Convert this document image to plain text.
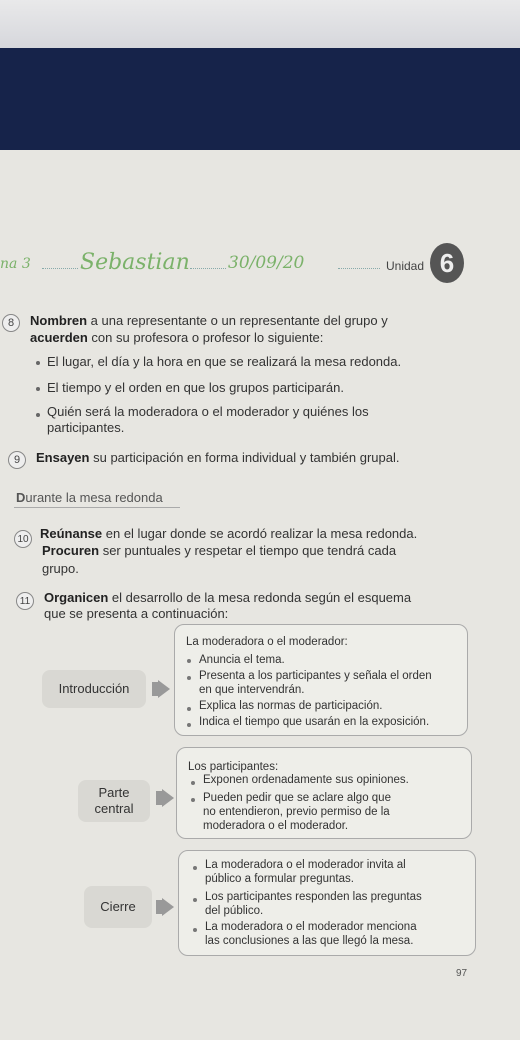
na 3 Sebastian 30/09/20	Unidad 6
8	Nombren a una representante o un representante del grupo y
acuerden con su profesora o profesor lo siguiente:
El lugar, el día y la hora en que se realizará la mesa redonda.
El tiempo y el orden en que los grupos participarán.
Quién será la moderadora o el moderador y quiénes los
participantes.
9	Ensayen su participación en forma individual y también grupal.
Durante la mesa redonda
10 Reúnanse en el lugar donde se acordó realizar la mesa redonda.
Procuren ser puntuales y respetar el tiempo que tendrá cada
grupo.
11 Organicen el desarrollo de la mesa redonda según el esquema
que se presenta a continuación:
Introducción
La moderadora o el moderador:
Anuncia el tema.
Presenta a los participantes y señala el orden
en que intervendrán.
Explica las normas de participación.
Indica el tiempo que usarán en la exposición.
Parte
central
Los participantes:
Exponen ordenadamente sus opiniones.
Pueden pedir que se aclare algo que
no entendieron, previo permiso de la
moderadora o el moderador.
Cierre
La moderadora o el moderador invita al
público a formular preguntas.
Los participantes responden las preguntas
del público.
La moderadora o el moderador menciona
las conclusiones a las que llegó la mesa.
97
